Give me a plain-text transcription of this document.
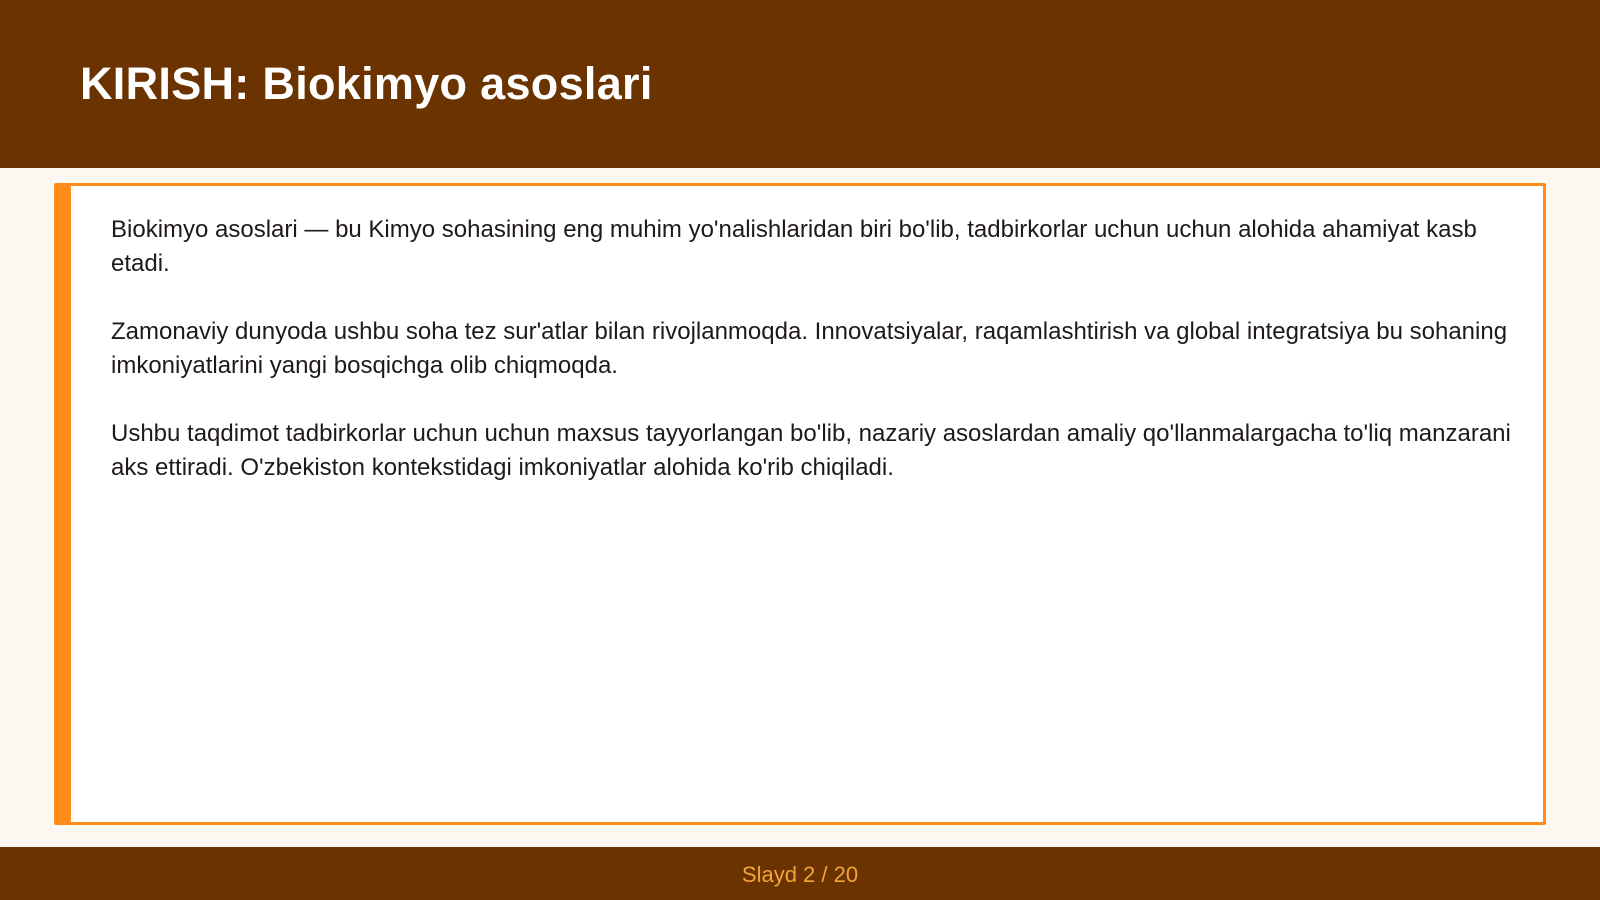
KIRISH: Biokimyo asoslari

Biokimyo asoslari — bu Kimyo sohasining eng muhim yo'nalishlaridan biri bo'lib, tadbirkorlar uchun uchun alohida ahamiyat kasb etadi.

Zamonaviy dunyoda ushbu soha tez sur'atlar bilan rivojlanmoqda. Innovatsiyalar, raqamlashtirish va global integratsiya bu sohaning imkoniyatlarini yangi bosqichga olib chiqmoqda.

Ushbu taqdimot tadbirkorlar uchun uchun maxsus tayyorlangan bo'lib, nazariy asoslardan amaliy qo'llanmalargacha to'liq manzarani aks ettiradi. O'zbekiston kontekstidagi imkoniyatlar alohida ko'rib chiqiladi.

Slayd 2 / 20
